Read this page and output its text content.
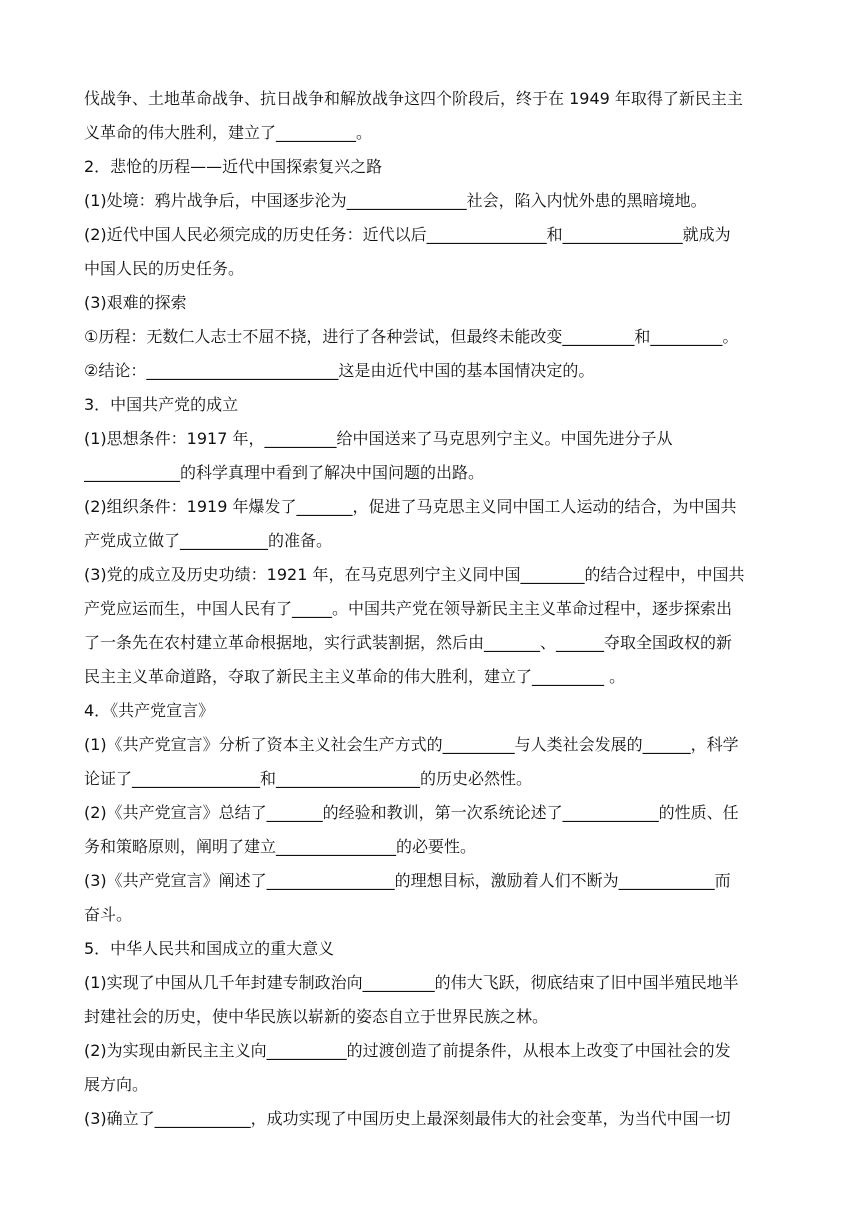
伐战争、土地革命战争、抗日战争和解放战争这四个阶段后，终于在 1949 年取得了新民主主
义革命的伟大胜利，建立了__________。
2．悲怆的历程——近代中国探索复兴之路
(1)处境：鸦片战争后，中国逐步沦为_______________社会，陷入内忧外患的黑暗境地。
(2)近代中国人民必须完成的历史任务：近代以后_______________和_______________就成为
中国人民的历史任务。
(3)艰难的探索
①历程：无数仁人志士不屈不挠，进行了各种尝试，但最终未能改变_________和_________。
②结论：________________________这是由近代中国的基本国情决定的。
3．中国共产党的成立
(1)思想条件：1917 年，_________给中国送来了马克思列宁主义。中国先进分子从
____________的科学真理中看到了解决中国问题的出路。
(2)组织条件：1919 年爆发了_______，促进了马克思主义同中国工人运动的结合，为中国共
产党成立做了___________的准备。
(3)党的成立及历史功绩：1921 年，在马克思列宁主义同中国________的结合过程中，中国共
产党应运而生，中国人民有了_____。中国共产党在领导新民主主义革命过程中，逐步探索出
了一条先在农村建立革命根据地，实行武装割据，然后由_______、______夺取全国政权的新
民主主义革命道路，夺取了新民主主义革命的伟大胜利，建立了_________ 。
4．《共产党宣言》
(1)《共产党宣言》分析了资本主义社会生产方式的_________与人类社会发展的______，科学
论证了________________和__________________的历史必然性。
(2)《共产党宣言》总结了_______的经验和教训，第一次系统论述了____________的性质、任
务和策略原则，阐明了建立_______________的必要性。
(3)《共产党宣言》阐述了________________的理想目标，激励着人们不断为____________而
奋斗。
5．中华人民共和国成立的重大意义
(1)实现了中国从几千年封建专制政治向_________的伟大飞跃，彻底结束了旧中国半殖民地半
封建社会的历史，使中华民族以崭新的姿态自立于世界民族之林。
(2)为实现由新民主主义向__________的过渡创造了前提条件，从根本上改变了中国社会的发
展方向。
(3)确立了____________，成功实现了中国历史上最深刻最伟大的社会变革，为当代中国一切
